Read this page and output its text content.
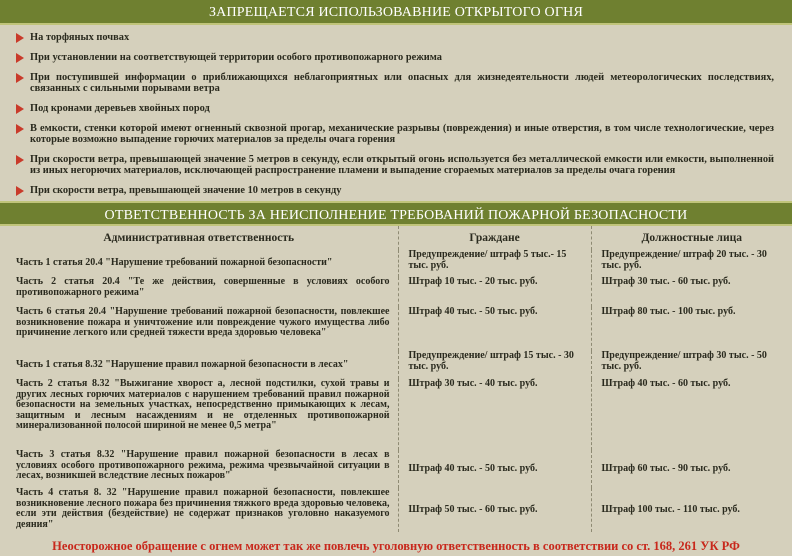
ЗАПРЕЩАЕТСЯ ИСПОЛЬЗОВАВНИЕ ОТКРЫТОГО ОГНЯ
На торфяных почвах
При установлении на соответствующей территории особого противопожарного режима
При поступившей информации о приближающихся неблагоприятных или опасных для жизнедеятельности людей метеорологических последствиях, связанных с сильными порывами ветра
Под кронами деревьев хвойных пород
В емкости, стенки которой имеют огненный сквозной прогар, механические разрывы (повреждения) и иные отверстия, в том числе технологические, через которые возможно выпадение горючих материалов за пределы очага горения
При скорости ветра, превышающей значение 5 метров в секунду, если открытый огонь используется без металлической емкости или емкости, выполненной из иных негорючих материалов, исключающей распространение пламени и выпадение сгораемых материалов за пределы очага горения
При скорости ветра, превышающей значение 10 метров в секунду
ОТВЕТСТВЕННОСТЬ ЗА НЕИСПОЛНЕНИЕ ТРЕБОВАНИЙ ПОЖАРНОЙ БЕЗОПАСНОСТИ
Административная ответственность	Граждане	Должностные лица
Часть 1 статья 20.4 "Нарушение требований пожарной безопасности"	Предупреждение/ штраф 5 тыс.- 15 тыс. руб.	Предупреждение/ штраф 20 тыс. - 30 тыс. руб.
Часть 2 статья 20.4 "Те же действия, совершенные в условиях особого противопожарного режима"	Штраф 10 тыс. - 20 тыс. руб.	Штраф 30 тыс. - 60 тыс. руб.
Часть 6 статья 20.4 "Нарушение требований пожарной безопасности, повлекшее возникновение пожара и уничтожение или повреждение чужого имущества либо причинение легкого или средней тяжести вреда здоровью человека"	Штраф 40 тыс. - 50 тыс. руб.	Штраф 80 тыс. - 100 тыс. руб.
Часть 1 статья 8.32 "Нарушение правил пожарной безопасности в лесах"	Предупреждение/ штраф 15 тыс. - 30 тыс. руб.	Предупреждение/ штраф 30 тыс. - 50 тыс. руб.
Часть 2 статья 8.32 "Выжигание хворост а, лесной подстилки, сухой травы и других лесных горючих материалов с нарушением требований правил пожарной безопасности на земельных участках, непосредственно примыкающих к лесам, защитным и лесным насаждениям и не отделенных противопожарной минерализованной полосой шириной не менее 0,5 метра"	Штраф 30 тыс. - 40 тыс. руб.	Штраф 40 тыс. - 60 тыс. руб.
Часть 3 статья 8.32 "Нарушение правил пожарной безопасности в лесах в условиях особого противопожарного режима, режима чрезвычайной ситуации в лесах, возникшей вследствие лесных пожаров"	Штраф 40 тыс. - 50 тыс. руб.	Штраф 60 тыс. - 90 тыс. руб.
Часть 4 статья 8. 32 "Нарушение правил пожарной безопасности, повлекшее возникновение лесного пожара без причинения тяжкого вреда здоровью человека, если эти действия (бездействие) не содержат признаков уголовно наказуемого деяния"	Штраф 50 тыс. - 60 тыс. руб.	Штраф 100 тыс. - 110 тыс. руб.
Неосторожное обращение с огнем может так же повлечь уголовную ответственность в соответствии со ст. 168, 261 УК РФ
